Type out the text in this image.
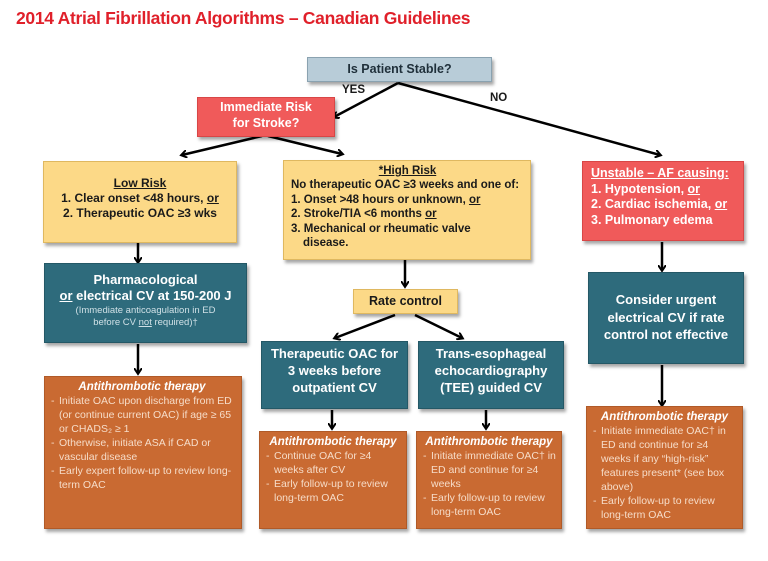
2014 Atrial Fibrillation Algorithms – Canadian Guidelines
YES
NO
Is Patient Stable?
Immediate Risk
for Stroke?
Low Risk
1. Clear onset <48 hours, or
2. Therapeutic OAC ≥3 wks
*High Risk
No therapeutic OAC ≥3 weeks and one of:
1. Onset >48 hours or unknown, or
2. Stroke/TIA <6 months or
3. Mechanical or rheumatic valve
disease.
Unstable – AF causing:
1. Hypotension, or
2. Cardiac ischemia, or
3. Pulmonary edema
Pharmacological
or electrical CV at 150-200 J
(Immediate anticoagulation in ED
before CV not required)†
Rate control
Therapeutic OAC for
3 weeks before
outpatient CV
Trans-esophageal
echocardiography
(TEE) guided CV
Consider urgent
electrical CV if rate
control not effective
Antithrombotic therapy
- Initiate OAC upon discharge from ED (or continue current OAC) if age ≥ 65 or CHADS₂ ≥ 1
- Otherwise, initiate ASA if CAD or vascular disease
- Early expert follow-up to review long-term OAC
Antithrombotic therapy
- Continue OAC for ≥4 weeks after CV
- Early follow-up to review long-term OAC
Antithrombotic therapy
- Initiate immediate OAC† in ED and continue for ≥4 weeks
- Early follow-up to review long-term OAC
Antithrombotic therapy
- Initiate immediate OAC† in ED and continue for ≥4 weeks if any “high-risk” features present* (see box above)
- Early follow-up to review long-term OAC
